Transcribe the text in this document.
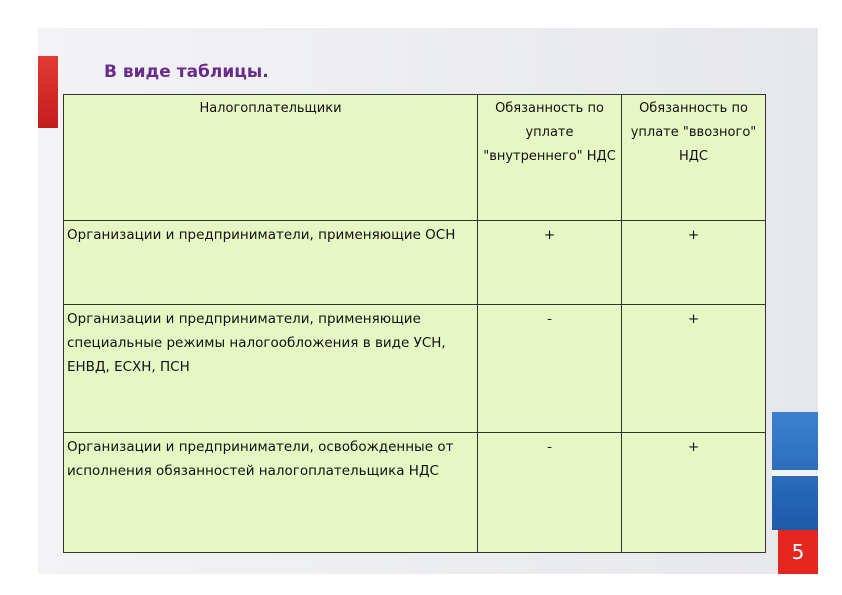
В виде таблицы.
Налогоплательщики	Обязанность по уплате "внутреннего" НДС	Обязанность по уплате "ввозного" НДС
Организации и предприниматели, применяющие ОСН	+	+
Организации и предприниматели, применяющие специальные режимы налогообложения в виде УСН, ЕНВД, ЕСХН, ПСН	-	+
Организации и предприниматели, освобожденные от исполнения обязанностей налогоплательщика НДС	-	+
5
